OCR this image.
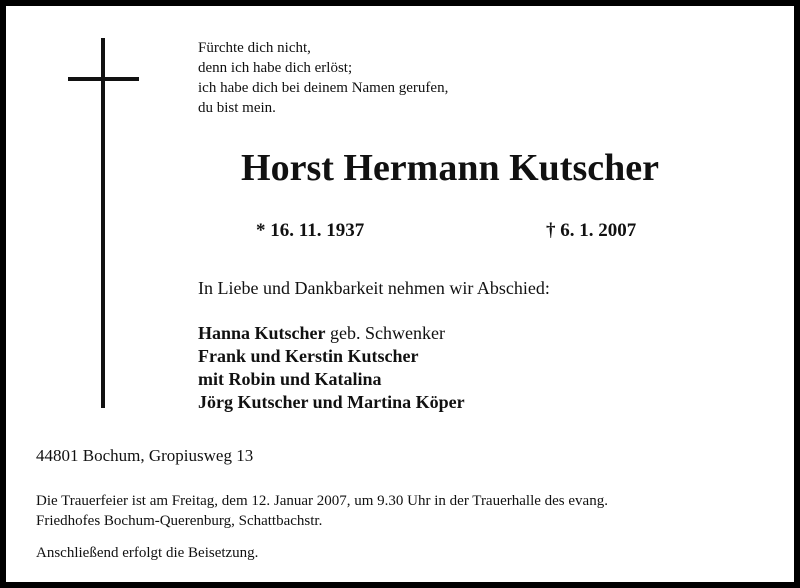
Fürchte dich nicht,
denn ich habe dich erlöst;
ich habe dich bei deinem Namen gerufen,
du bist mein.
Horst Hermann Kutscher
* 16. 11. 1937	† 6. 1. 2007
In Liebe und Dankbarkeit nehmen wir Abschied:
Hanna Kutscher geb. Schwenker
Frank und Kerstin Kutscher
mit Robin und Katalina
Jörg Kutscher und Martina Köper
44801 Bochum, Gropiusweg 13
Die Trauerfeier ist am Freitag, dem 12. Januar 2007, um 9.30 Uhr in der Trauerhalle des evang.
Friedhofes Bochum-Querenburg, Schattbachstr.
Anschließend erfolgt die Beisetzung.
